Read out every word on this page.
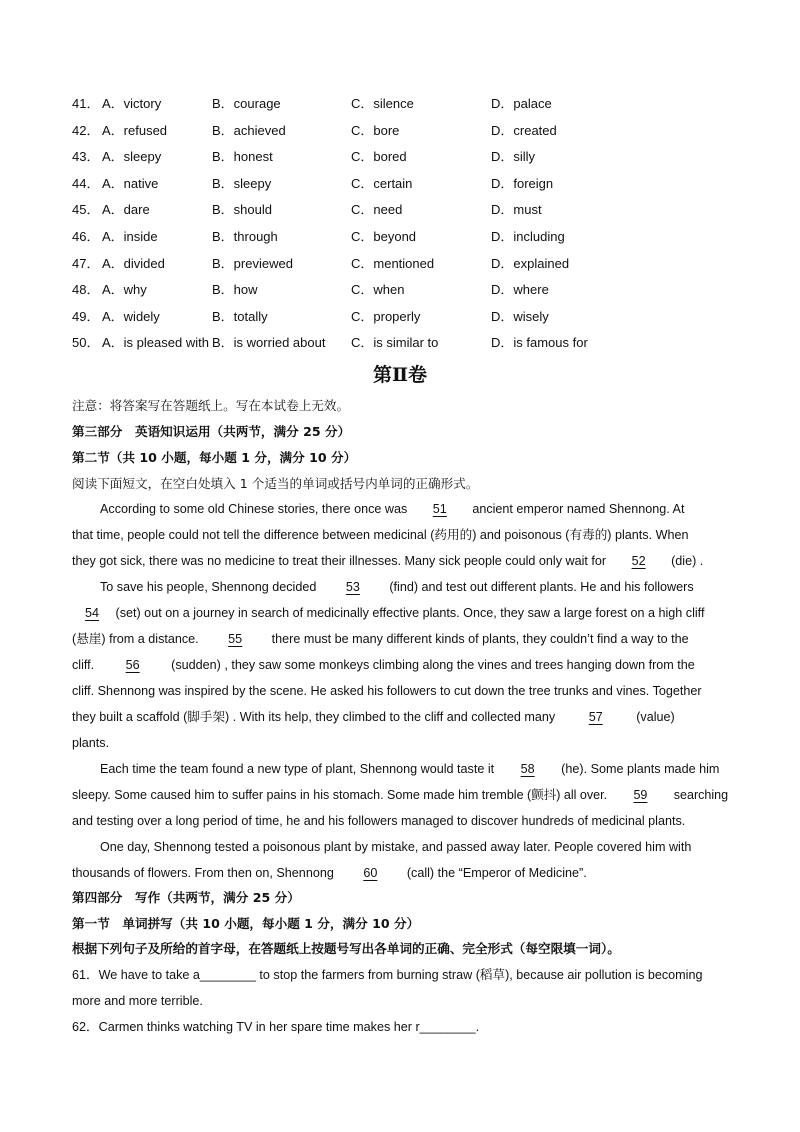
41． A．victory	B．courage	C．silence	D．palace
42． A．refused	B．achieved	C．bore	D．created
43． A．sleepy	B．honest	C．bored	D．silly
44． A．native	B．sleepy	C．certain	D．foreign
45． A．dare	B．should	C．need	D．must
46． A．inside	B．through	C．beyond	D．including
47． A．divided	B．previewed	C．mentioned	D．explained
48． A．why	B．how	C．when	D．where
49． A．widely	B．totally	C．properly	D．wisely
50． A．is pleased with B．is worried about C．is similar to	D．is famous for
第Ⅱ卷
注意：将答案写在答题纸上。写在本试卷上无效。
第三部分　英语知识运用（共两节，满分 25 分）
第二节（共 10 小题，每小题 1 分，满分 10 分）
阅读下面短文，在空白处填入 1 个适当的单词或括号内单词的正确形式。
According to some old Chinese stories, there once was 51 ancient emperor named Shennong. At
that time, people could not tell the difference between medicinal (药用的) and poisonous (有毒的) plants. When
they got sick, there was no medicine to treat their illnesses. Many sick people could only wait for 52 (die) .
To save his people, Shennong decided 53 (find) and test out different plants. He and his followers
54 (set) out on a journey in search of medicinally effective plants. Once, they saw a large forest on a high cliff
(悬崖) from a distance. 55 there must be many different kinds of plants, they couldn’t find a way to the
cliff. 56	(sudden) , they saw some monkeys climbing along the vines and trees hanging down from the
cliff. Shennong was inspired by the scene. He asked his followers to cut down the tree trunks and vines. Together
they built a scaffold (脚手架) . With its help, they climbed to the cliff and collected many	57	(value)
plants.
Each time the team found a new type of plant, Shennong would taste it 58 (he). Some plants made him
sleepy. Some caused him to suffer pains in his stomach. Some made him tremble (颤抖) all over. 59 searching
and testing over a long period of time, he and his followers managed to discover hundreds of medicinal plants.
One day, Shennong tested a poisonous plant by mistake, and passed away later. People covered him with
thousands of flowers. From then on, Shennong 60 (call) the “Emperor of Medicine”.
第四部分　写作（共两节，满分 25 分）
第一节　单词拼写（共 10 小题，每小题 1 分，满分 10 分）
根据下列句子及所给的首字母，在答题纸上按题号写出各单词的正确、完全形式（每空限填一词）。
61．We have to take a________ to stop the farmers from burning straw (稻草), because air pollution is becoming
more and more terrible.
62．Carmen thinks watching TV in her spare time makes her r________.
